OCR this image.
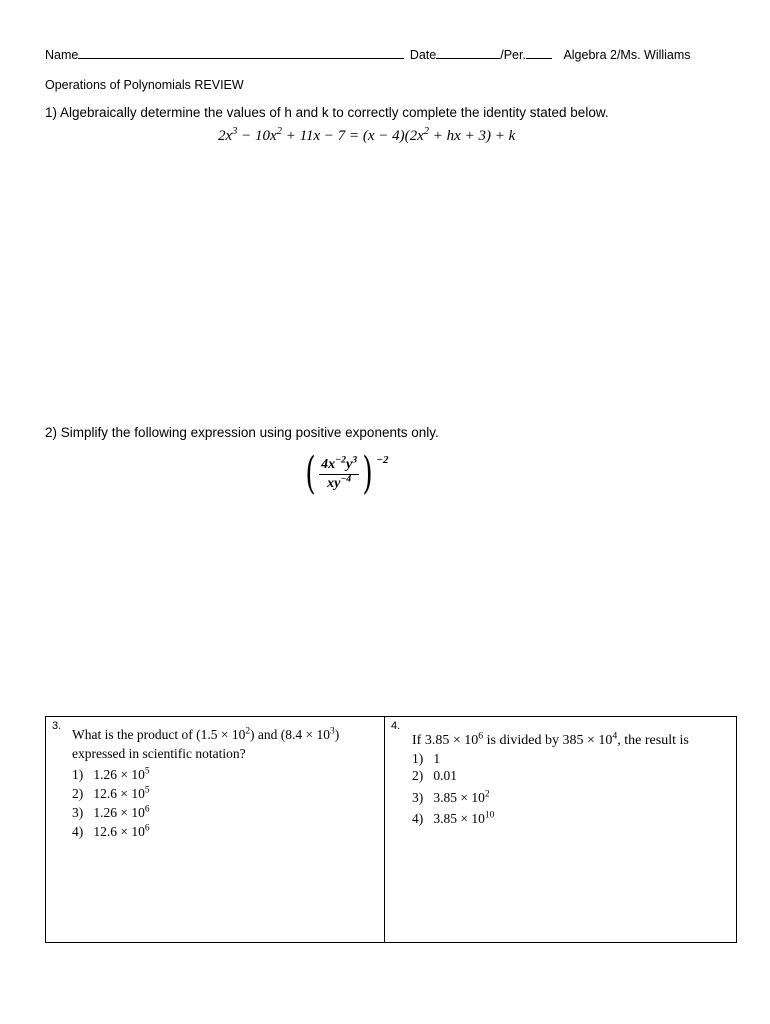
Name	Date	/Per.	Algebra 2/Ms. Williams
Operations of Polynomials REVIEW
1) Algebraically determine the values of h and k to correctly complete the identity stated below.
$2x^3 - 10x^2 + 11x - 7 = (x - 4)(2x^2$ + hx + 3) + k
2) Simplify the following expression using positive exponents only.
( $\frac{4x^{-2}y^3}{xy^{-4}}$ ) −2
3.
What is the product of $(1.5 \times 10^2)$ and $(8.4 \times 10^3)$
expressed in scientific notation?
1) $1.26 \times 10^5$
2) $12.6 \times 10^5$
3) $1.26 \times 10^6$
4) $12.6 \times 10^6$

4.
If $3.85 \times 10^6$ is divided by $385 \times 10^4$, the result is
1) 1
2) 0.01
3) $3.85 \times 10^2$
4) $3.85 \times 10^{10}$
